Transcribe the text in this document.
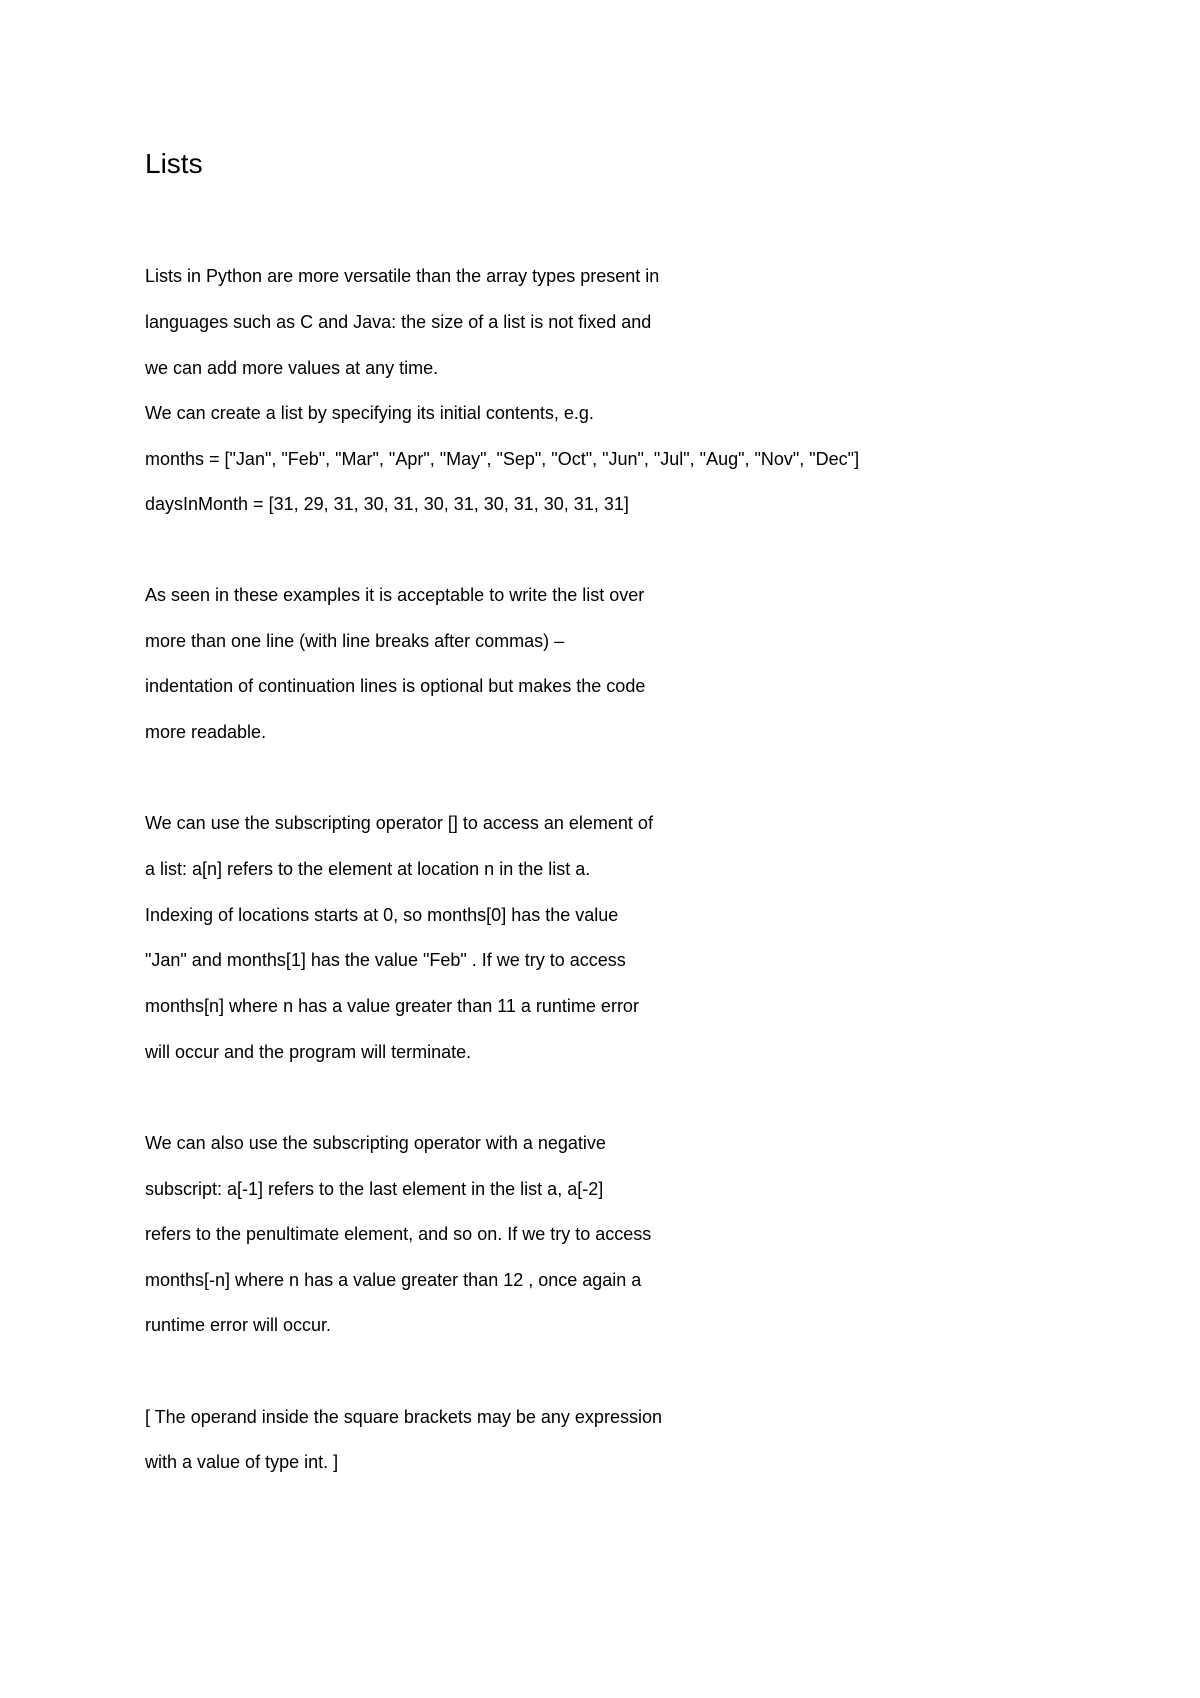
Lists

Lists in Python are more versatile than the array types present in

languages such as C and Java: the size of a list is not fixed and

we can add more values at any time.

We can create a list by specifying its initial contents, e.g.

months = ["Jan", "Feb", "Mar", "Apr", "May", "Sep", "Oct", "Jun", "Jul", "Aug", "Nov", "Dec"]

daysInMonth = [31, 29, 31, 30, 31, 30, 31, 30, 31, 30, 31, 31]

As seen in these examples it is acceptable to write the list over

more than one line (with line breaks after commas) –

indentation of continuation lines is optional but makes the code

more readable.

We can use the subscripting operator [] to access an element of

a list: a[n] refers to the element at location n in the list a.

Indexing of locations starts at 0, so months[0] has the value

"Jan" and months[1] has the value "Feb" . If we try to access

months[n] where n has a value greater than 11 a runtime error

will occur and the program will terminate.

We can also use the subscripting operator with a negative

subscript: a[-1] refers to the last element in the list a, a[-2]

refers to the penultimate element, and so on. If we try to access

months[-n] where n has a value greater than 12 , once again a

runtime error will occur.

[ The operand inside the square brackets may be any expression

with a value of type int. ]
